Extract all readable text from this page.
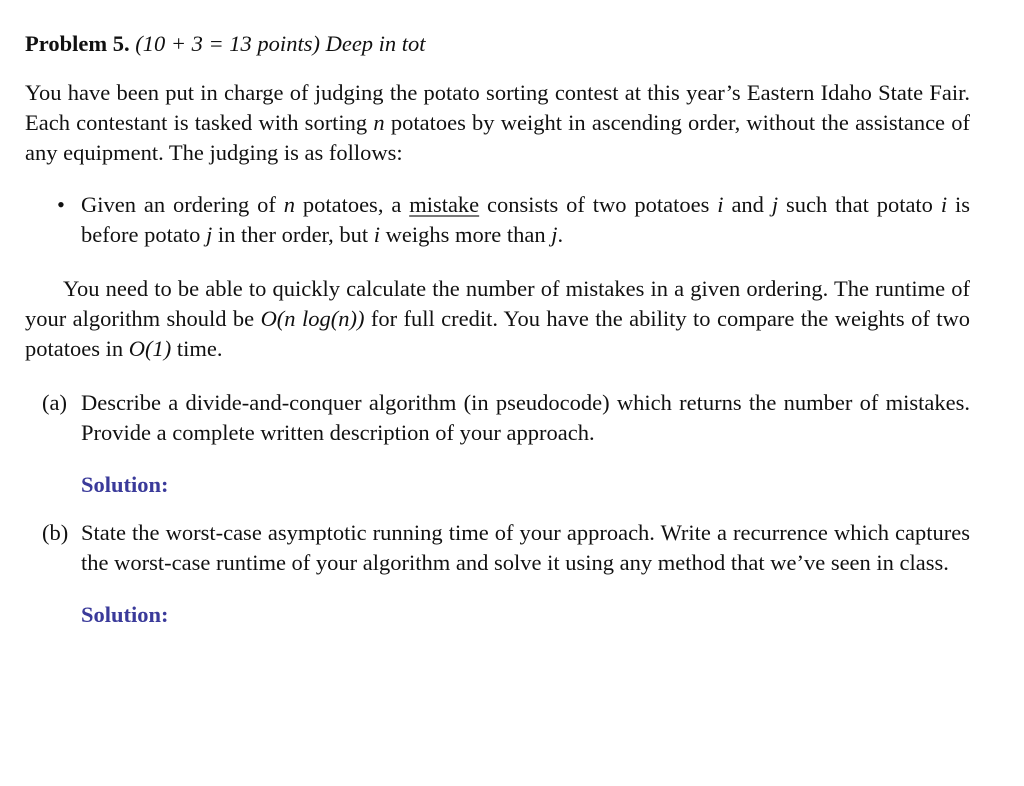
Problem 5. (10 + 3 = 13 points) Deep in tot
You have been put in charge of judging the potato sorting contest at this year’s Eastern Idaho State Fair. Each contestant is tasked with sorting n potatoes by weight in ascending order, without the assistance of any equipment. The judging is as follows:
• Given an ordering of n potatoes, a mistake consists of two potatoes i and j such that potato i is before potato j in ther order, but i weighs more than j.
You need to be able to quickly calculate the number of mistakes in a given ordering. The runtime of your algorithm should be O(n log(n)) for full credit. You have the ability to compare the weights of two potatoes in O(1) time.
(a) Describe a divide-and-conquer algorithm (in pseudocode) which returns the number of mistakes. Provide a complete written description of your approach.
Solution:
(b) State the worst-case asymptotic running time of your approach. Write a recurrence which captures the worst-case runtime of your algorithm and solve it using any method that we’ve seen in class.
Solution:
